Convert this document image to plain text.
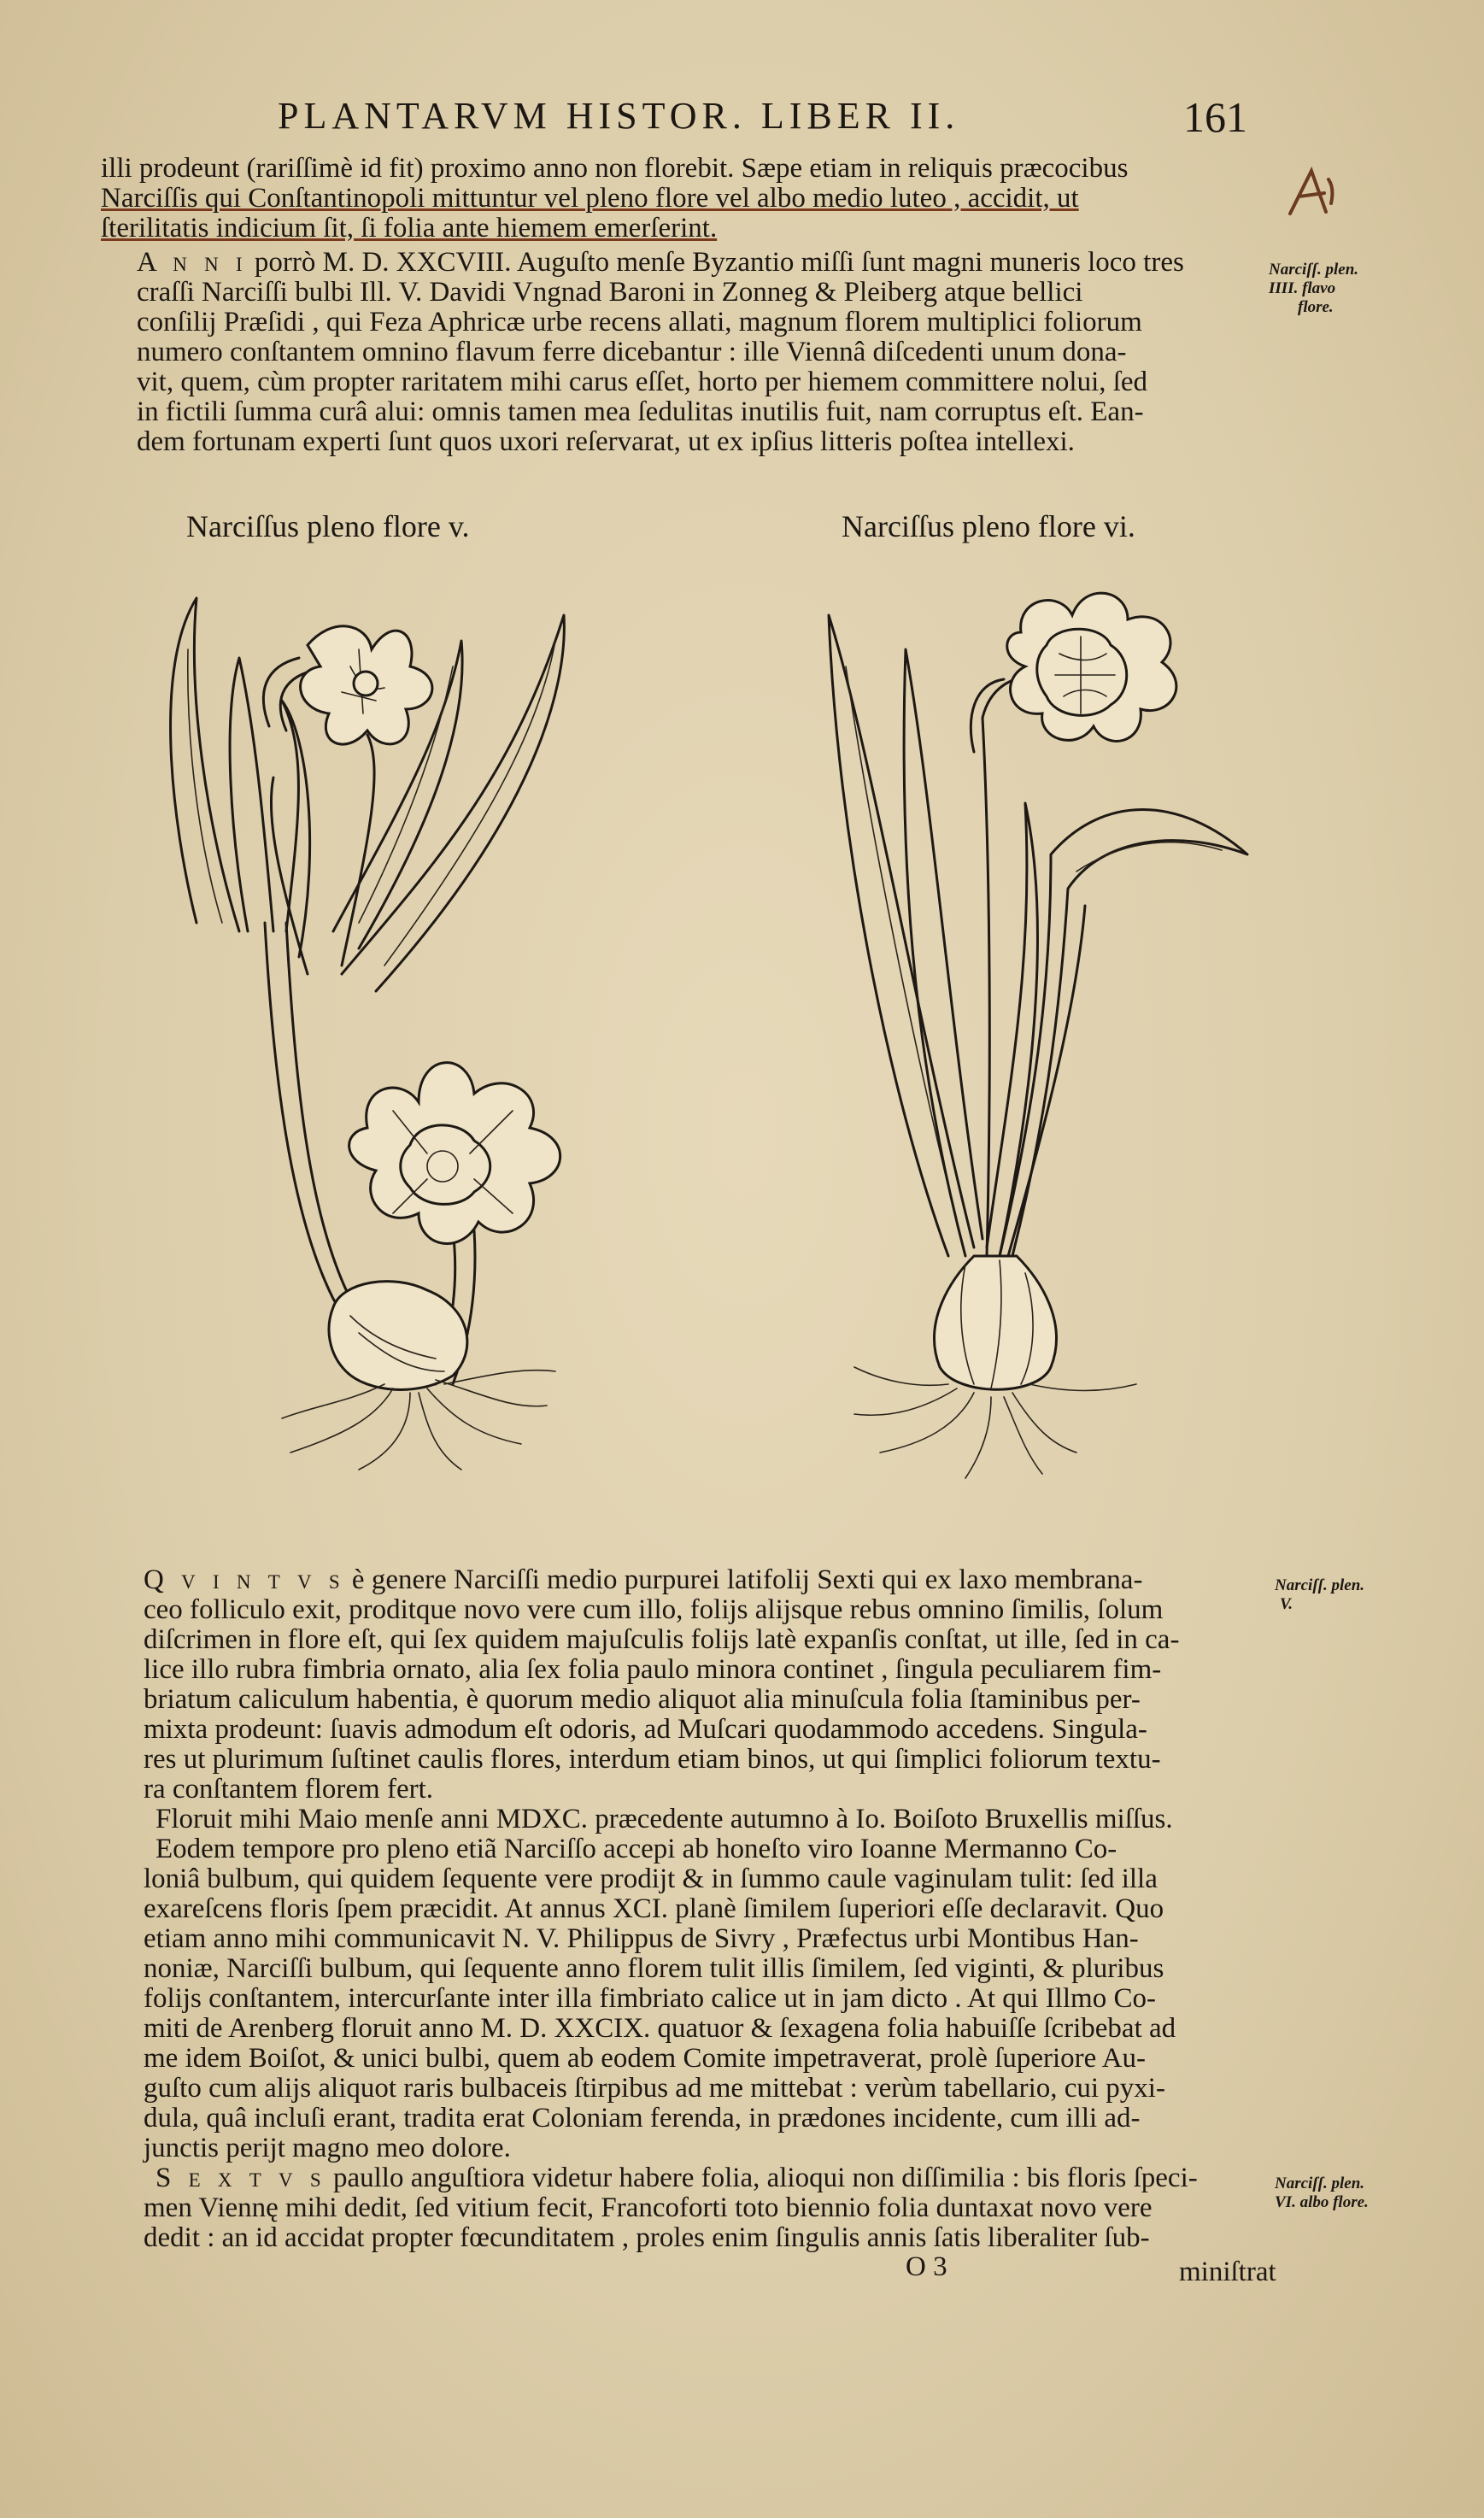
PLANTARVM HISTOR. LIBER II.	161
illi prodeunt (rariſſimè id fit) proximo anno non florebit. Sæpe etiam in reliquis præcocibus
Narciſſis qui Conſtantinopoli mittuntur vel pleno flore vel albo medio luteo , accidit, ut
ſterilitatis indicium ſit, ſi folia ante hiemem emerſerint.
A n n i porrò M. D. XXCVIII. Auguſto menſe Byzantio miſſi ſunt magni muneris loco tres
craſſi Narciſſi bulbi Ill. V. Davidi Vngnad Baroni in Zonneg & Pleiberg atque bellici
conſilij Præſidi , qui Feza Aphricæ urbe recens allati, magnum florem multiplici foliorum
numero conſtantem omnino flavum ferre dicebantur : ille Viennâ diſcedenti unum dona-
vit, quem, cùm propter raritatem mihi carus eſſet, horto per hiemem committere nolui, ſed
in fictili ſumma curâ alui: omnis tamen mea ſedulitas inutilis fuit, nam corruptus eſt. Ean-
dem fortunam experti ſunt quos uxori reſervarat, ut ex ipſius litteris poſtea intellexi.
Narciſſ. plen.
IIII. flavo
flore.
Narciſſus pleno flore v.	Narciſſus pleno flore vi.
Q v i n t v s è genere Narciſſi medio purpurei latifolij Sexti qui ex laxo membrana-
ceo folliculo exit, proditque novo vere cum illo, folijs alijsque rebus omnino ſimilis, ſolum
diſcrimen in flore eſt, qui ſex quidem majuſculis folijs latè expanſis conſtat, ut ille, ſed in ca-
lice illo rubra fimbria ornato, alia ſex folia paulo minora continet , ſingula peculiarem fim-
briatum caliculum habentia, è quorum medio aliquot alia minuſcula folia ſtaminibus per-
mixta prodeunt: ſuavis admodum eſt odoris, ad Muſcari quodammodo accedens. Singula-
res ut plurimum ſuſtinet caulis flores, interdum etiam binos, ut qui ſimplici foliorum textu-
ra conſtantem florem fert.
Narciſſ. plen.
V.
Floruit mihi Maio menſe anni MDXC. præcedente autumno à Io. Boiſoto Bruxellis miſſus.
Eodem tempore pro pleno etiã Narciſſo accepi ab honeſto viro Ioanne Mermanno Co-
loniâ bulbum, qui quidem ſequente vere prodijt & in ſummo caule vaginulam tulit: ſed illa
exareſcens floris ſpem præcidit. At annus XCI. planè ſimilem ſuperiori eſſe declaravit. Quo
etiam anno mihi communicavit N. V. Philippus de Sivry , Præfectus urbi Montibus Han-
noniæ, Narciſſi bulbum, qui ſequente anno florem tulit illis ſimilem, ſed viginti, & pluribus
folijs conſtantem, intercurſante inter illa fimbriato calice ut in jam dicto . At qui Illmo Co-
miti de Arenberg floruit anno M. D. XXCIX. quatuor & ſexagena folia habuiſſe ſcribebat ad
me idem Boiſot, & unici bulbi, quem ab eodem Comite impetraverat, prolè ſuperiore Au-
guſto cum alijs aliquot raris bulbaceis ſtirpibus ad me mittebat : verùm tabellario, cui pyxi-
dula, quâ incluſi erant, tradita erat Coloniam ferenda, in prædones incidente, cum illi ad-
junctis perijt magno meo dolore.
S e x t v s paullo anguſtiora videtur habere folia, alioqui non diſſimilia : bis floris ſpeci-
men Viennę mihi dedit, ſed vitium fecit, Francoforti toto biennio folia duntaxat novo vere
dedit : an id accidat propter fœcunditatem , proles enim ſingulis annis ſatis liberaliter ſub-
Narciſſ. plen.
VI. albo flore.
O 3	miniſtrat
